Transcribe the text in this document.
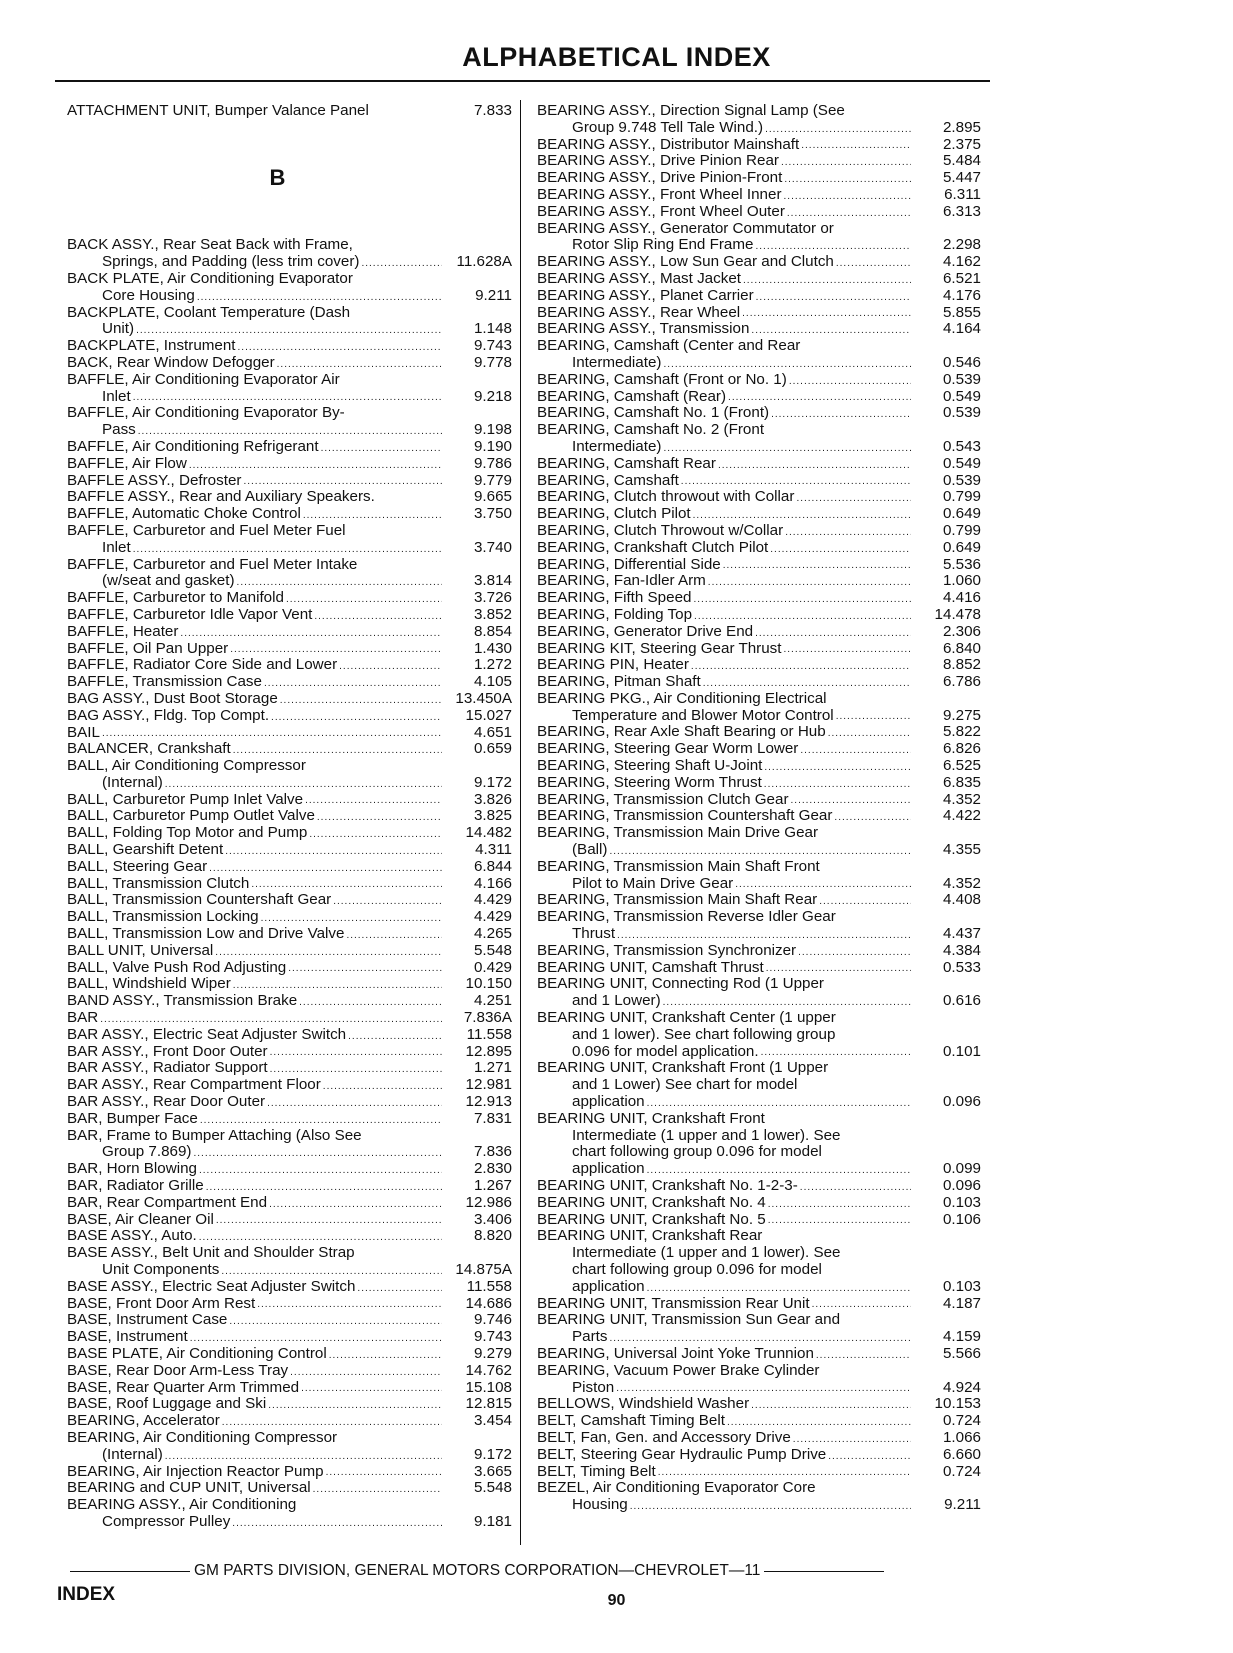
ALPHABETICAL INDEX
ATTACHMENT UNIT, Bumper Valance Panel	7.833
B
BACK ASSY., Rear Seat Back with Frame,
Springs, and Padding (less trim cover) .....	11.628A
BACK PLATE, Air Conditioning Evaporator
Core Housing .....	9.211
BACKPLATE, Coolant Temperature (Dash
Unit) .....	1.148
BACKPLATE, Instrument .....	9.743
BACK, Rear Window Defogger .....	9.778
BAFFLE, Air Conditioning Evaporator Air
Inlet .....	9.218
BAFFLE, Air Conditioning Evaporator By-
Pass .....	9.198
BAFFLE, Air Conditioning Refrigerant .....	9.190
BAFFLE, Air Flow .....	9.786
BAFFLE ASSY., Defroster .....	9.779
BAFFLE ASSY., Rear and Auxiliary Speakers.	9.665
BAFFLE, Automatic Choke Control .....	3.750
BAFFLE, Carburetor and Fuel Meter Fuel
Inlet .....	3.740
BAFFLE, Carburetor and Fuel Meter Intake
(w/seat and gasket) .....	3.814
BAFFLE, Carburetor to Manifold .....	3.726
BAFFLE, Carburetor Idle Vapor Vent .....	3.852
BAFFLE, Heater .....	8.854
BAFFLE, Oil Pan Upper .....	1.430
BAFFLE, Radiator Core Side and Lower .....	1.272
BAFFLE, Transmission Case .....	4.105
BAG ASSY., Dust Boot Storage .....	13.450A
BAG ASSY., Fldg. Top Compt. .....	15.027
BAIL .....	4.651
BALANCER, Crankshaft .....	0.659
BALL, Air Conditioning Compressor
(Internal) .....	9.172
BALL, Carburetor Pump Inlet Valve .....	3.826
BALL, Carburetor Pump Outlet Valve .....	3.825
BALL, Folding Top Motor and Pump .....	14.482
BALL, Gearshift Detent .....	4.311
BALL, Steering Gear .....	6.844
BALL, Transmission Clutch .....	4.166
BALL, Transmission Countershaft Gear .....	4.429
BALL, Transmission Locking .....	4.429
BALL, Transmission Low and Drive Valve .....	4.265
BALL UNIT, Universal .....	5.548
BALL, Valve Push Rod Adjusting .....	0.429
BALL, Windshield Wiper .....	10.150
BAND ASSY., Transmission Brake .....	4.251
BAR .....	7.836A
BAR ASSY., Electric Seat Adjuster Switch .....	11.558
BAR ASSY., Front Door Outer .....	12.895
BAR ASSY., Radiator Support .....	1.271
BAR ASSY., Rear Compartment Floor .....	12.981
BAR ASSY., Rear Door Outer .....	12.913
BAR, Bumper Face .....	7.831
BAR, Frame to Bumper Attaching (Also See
Group 7.869) .....	7.836
BAR, Horn Blowing .....	2.830
BAR, Radiator Grille .....	1.267
BAR, Rear Compartment End .....	12.986
BASE, Air Cleaner Oil .....	3.406
BASE ASSY., Auto. .....	8.820
BASE ASSY., Belt Unit and Shoulder Strap
Unit Components .....	14.875A
BASE ASSY., Electric Seat Adjuster Switch .....	11.558
BASE, Front Door Arm Rest .....	14.686
BASE, Instrument Case .....	9.746
BASE, Instrument .....	9.743
BASE PLATE, Air Conditioning Control .....	9.279
BASE, Rear Door Arm-Less Tray .....	14.762
BASE, Rear Quarter Arm Trimmed .....	15.108
BASE, Roof Luggage and Ski .....	12.815
BEARING, Accelerator .....	3.454
BEARING, Air Conditioning Compressor
(Internal) .....	9.172
BEARING, Air Injection Reactor Pump .....	3.665
BEARING and CUP UNIT, Universal .....	5.548
BEARING ASSY., Air Conditioning
Compressor Pulley .....	9.181
BEARING ASSY., Direction Signal Lamp (See
Group 9.748 Tell Tale Wind.) .....	2.895
BEARING ASSY., Distributor Mainshaft .....	2.375
BEARING ASSY., Drive Pinion Rear .....	5.484
BEARING ASSY., Drive Pinion-Front .....	5.447
BEARING ASSY., Front Wheel Inner .....	6.311
BEARING ASSY., Front Wheel Outer .....	6.313
BEARING ASSY., Generator Commutator or
Rotor Slip Ring End Frame .....	2.298
BEARING ASSY., Low Sun Gear and Clutch .....	4.162
BEARING ASSY., Mast Jacket .....	6.521
BEARING ASSY., Planet Carrier .....	4.176
BEARING ASSY., Rear Wheel .....	5.855
BEARING ASSY., Transmission .....	4.164
BEARING, Camshaft (Center and Rear
Intermediate) .....	0.546
BEARING, Camshaft (Front or No. 1) .....	0.539
BEARING, Camshaft (Rear) .....	0.549
BEARING, Camshaft No. 1 (Front) .....	0.539
BEARING, Camshaft No. 2 (Front
Intermediate) .....	0.543
BEARING, Camshaft Rear .....	0.549
BEARING, Camshaft .....	0.539
BEARING, Clutch throwout with Collar .....	0.799
BEARING, Clutch Pilot .....	0.649
BEARING, Clutch Throwout w/Collar .....	0.799
BEARING, Crankshaft Clutch Pilot .....	0.649
BEARING, Differential Side .....	5.536
BEARING, Fan-Idler Arm .....	1.060
BEARING, Fifth Speed .....	4.416
BEARING, Folding Top .....	14.478
BEARING, Generator Drive End .....	2.306
BEARING KIT, Steering Gear Thrust .....	6.840
BEARING PIN, Heater .....	8.852
BEARING, Pitman Shaft .....	6.786
BEARING PKG., Air Conditioning Electrical
Temperature and Blower Motor Control .....	9.275
BEARING, Rear Axle Shaft Bearing or Hub .....	5.822
BEARING, Steering Gear Worm Lower .....	6.826
BEARING, Steering Shaft U-Joint .....	6.525
BEARING, Steering Worm Thrust .....	6.835
BEARING, Transmission Clutch Gear .....	4.352
BEARING, Transmission Countershaft Gear .....	4.422
BEARING, Transmission Main Drive Gear
(Ball) .....	4.355
BEARING, Transmission Main Shaft Front
Pilot to Main Drive Gear .....	4.352
BEARING, Transmission Main Shaft Rear .....	4.408
BEARING, Transmission Reverse Idler Gear
Thrust .....	4.437
BEARING, Transmission Synchronizer .....	4.384
BEARING UNIT, Camshaft Thrust .....	0.533
BEARING UNIT, Connecting Rod (1 Upper
and 1 Lower) .....	0.616
BEARING UNIT, Crankshaft Center (1 upper
and 1 lower). See chart following group
0.096 for model application. .....	0.101
BEARING UNIT, Crankshaft Front (1 Upper
and 1 Lower) See chart for model
application .....	0.096
BEARING UNIT, Crankshaft Front
Intermediate (1 upper and 1 lower). See
chart following group 0.096 for model
application .....	0.099
BEARING UNIT, Crankshaft No. 1-2-3- .....	0.096
BEARING UNIT, Crankshaft No. 4 .....	0.103
BEARING UNIT, Crankshaft No. 5 .....	0.106
BEARING UNIT, Crankshaft Rear
Intermediate (1 upper and 1 lower). See
chart following group 0.096 for model
application .....	0.103
BEARING UNIT, Transmission Rear Unit .....	4.187
BEARING UNIT, Transmission Sun Gear and
Parts .....	4.159
BEARING, Universal Joint Yoke Trunnion .....	5.566
BEARING, Vacuum Power Brake Cylinder
Piston .....	4.924
BELLOWS, Windshield Washer .....	10.153
BELT, Camshaft Timing Belt .....	0.724
BELT, Fan, Gen. and Accessory Drive .....	1.066
BELT, Steering Gear Hydraulic Pump Drive .....	6.660
BELT, Timing Belt .....	0.724
BEZEL, Air Conditioning Evaporator Core
Housing .....	9.211
GM PARTS DIVISION, GENERAL MOTORS CORPORATION—CHEVROLET—11
INDEX	90
